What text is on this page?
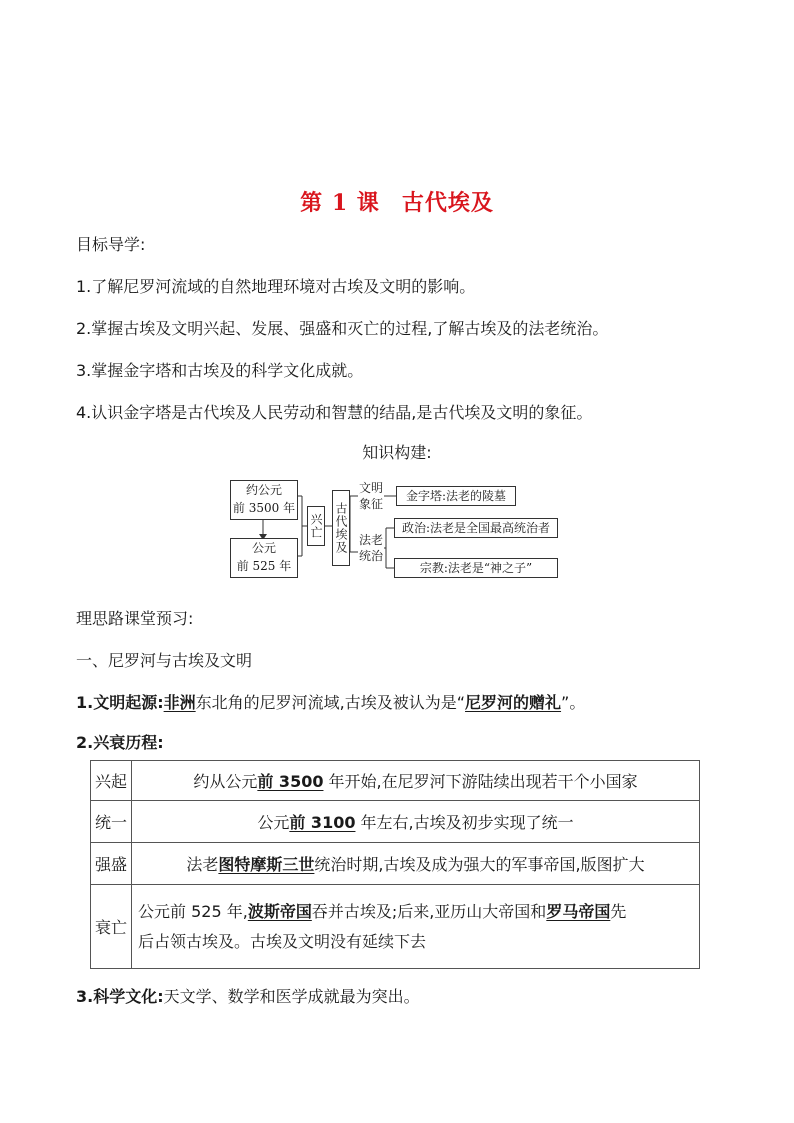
第 1 课 古代埃及
目标导学:
1.了解尼罗河流域的自然地理环境对古埃及文明的影响。
2.掌握古埃及文明兴起、发展、强盛和灭亡的过程,了解古埃及的法老统治。
3.掌握金字塔和古埃及的科学文化成就。
4.认识金字塔是古代埃及人民劳动和智慧的结晶,是古代埃及文明的象征。
知识构建:
约公元
前 3500 年
公元
前 525 年
兴亡 古代埃及
文明
象征
法老
统治
金字塔:法老的陵墓
政治:法老是全国最高统治者
宗教:法老是“神之子”
理思路课堂预习:
一、尼罗河与古埃及文明
1.文明起源:非洲东北角的尼罗河流域,古埃及被认为是“尼罗河的赠礼”。
2.兴衰历程:
兴起	约从公元前 3500 年开始,在尼罗河下游陆续出现若干个小国家
统一	公元前 3100 年左右,古埃及初步实现了统一
强盛	法老图特摩斯三世统治时期,古埃及成为强大的军事帝国,版图扩大
衰亡	公元前 525 年,波斯帝国吞并古埃及;后来,亚历山大帝国和罗马帝国先
后占领古埃及。古埃及文明没有延续下去
3.科学文化:天文学、数学和医学成就最为突出。
